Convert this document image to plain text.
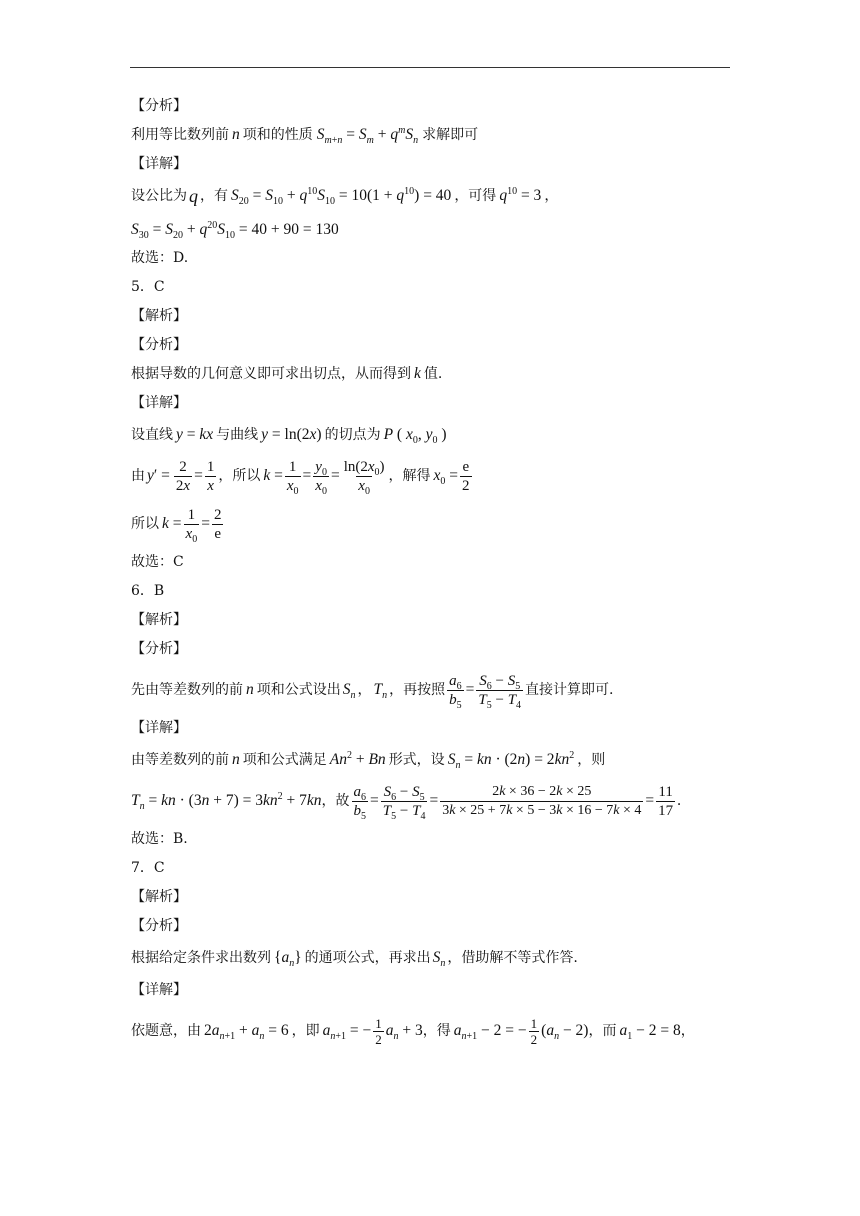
【分析】
利用等比数列前 n 项和的性质 $S_{m+n} = S_m + q^mS_n$ 求解即可
【详解】
设公比为 q ，有 $S_{20} = S_{10} + q^{10}S_{10} = 10(1 + q^{10}) = 40$ ，可得 $q^{10} = 3$ ，
$S_{30} = S_{20} + q^{20}S_{10} = 40 + 90 = 130$
故选：D.
5．C
【解析】
【分析】
根据导数的几何意义即可求出切点，从而得到 k 值.
【详解】
设直线 y = kx 与曲线 y = ln(2x) 的切点为 P ( $x_0$, $y_0$ )
由 $y' = \frac{2}{2x} = \frac{1}{x}$ ，所以 $k = \frac{1}{x_0} = \frac{y_0}{x_0} = \frac{\ln(2x_0)}{x_0}$ ，解得 $x_0 = \frac{e}{2}$
所以 $k = \frac{1}{x_0} = \frac{2}{e}$
故选：C
6．B
【解析】
【分析】
先由等差数列的前 n 项和公式设出 $S_n$ ， $T_n$ ，再按照 $\frac{a_6}{b_5} = \frac{S_6 - S_5}{T_5 - T_4}$ 直接计算即可.
【详解】
由等差数列的前 n 项和公式满足 $An^2 + Bn$ 形式，设 $S_n$ = kn · $(2n) = 2kn^2$ ，则
$T_n$ = kn · $(3n + 7) = 3kn^2 + 7kn$ ，故 $\frac{a_6}{b_5} = \frac{S_6 - S_5}{T_5 - T_4} = \frac{2k \times 36 - 2k \times 25}{3k \times 25 + 7k \times 5 - 3k \times 16 - 7k \times 4} = \frac{11}{17}$ .
故选：B.
7．C
【解析】
【分析】
根据给定条件求出数列 $\{a_n\}$ 的通项公式，再求出 $S_n$ ，借助解不等式作答.
【详解】
依题意，由 $2a_{n+1} + a_n = 6$ ，即 $a_{n+1}$ = − $\frac{1}{2} a_n + 3$ ，得 $a_{n+1} - 2$ = − $\frac{1}{2} (a_n - 2)$ ，而 $a_1 - 2 = 8$ ，
